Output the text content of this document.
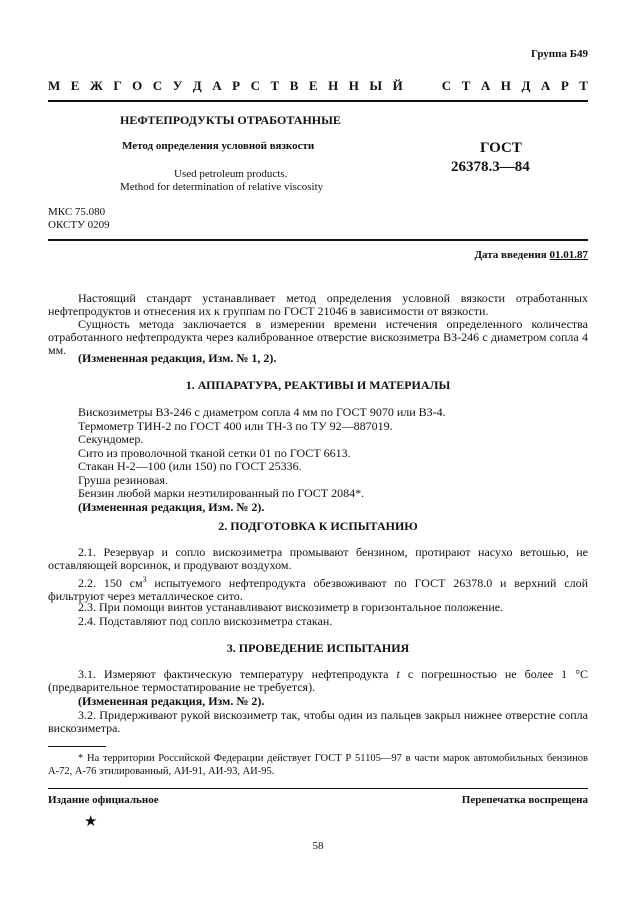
Группа Б49
М Е Ж Г О С У Д А Р С Т В Е Н Н Ы Й	С Т А Н Д А Р Т
НЕФТЕПРОДУКТЫ ОТРАБОТАННЫЕ
Метод определения условной вязкости
Used petroleum products.
Method for determination of relative viscosity
ГОСТ
26378.3—84
МКС 75.080
ОКСТУ 0209
Дата введения 01.01.87
Настоящий стандарт устанавливает метод определения условной вязкости отработанных нефтепродуктов и отнесения их к группам по ГОСТ 21046 в зависимости от вязкости.
Сущность метода заключается в измерении времени истечения определенного количества отработанного нефтепродукта через калиброванное отверстие вискозиметра ВЗ-246 с диаметром сопла 4 мм.
(Измененная редакция, Изм. № 1, 2).
1. АППАРАТУРА, РЕАКТИВЫ И МАТЕРИАЛЫ
Вискозиметры ВЗ-246 с диаметром сопла 4 мм по ГОСТ 9070 или ВЗ-4.
Термометр ТИН-2 по ГОСТ 400 или ТН-3 по ТУ 92—887019.
Секундомер.
Сито из проволочной тканой сетки 01 по ГОСТ 6613.
Стакан Н-2—100 (или 150) по ГОСТ 25336.
Груша резиновая.
Бензин любой марки неэтилированный по ГОСТ 2084*.
(Измененная редакция, Изм. № 2).
2. ПОДГОТОВКА К ИСПЫТАНИЮ
2.1. Резервуар и сопло вискозиметра промывают бензином, протирают насухо ветошью, не оставляющей ворсинок, и продувают воздухом.
2.2. 150 $см^3$ испытуемого нефтепродукта обезвоживают по ГОСТ 26378.0 и верхний слой фильтруют через металлическое сито.
2.3. При помощи винтов устанавливают вискозиметр в горизонтальное положение.
2.4. Подставляют под сопло вискозиметра стакан.
3. ПРОВЕДЕНИЕ ИСПЫТАНИЯ
3.1. Измеряют фактическую температуру нефтепродукта t с погрешностью не более 1 °С (предварительное термостатирование не требуется).
(Измененная редакция, Изм. № 2).
3.2. Придерживают рукой вискозиметр так, чтобы один из пальцев закрыл нижнее отверстие сопла вискозиметра.
* На территории Российской Федерации действует ГОСТ Р 51105—97 в части марок автомобильных бензинов А-72, А-76 этилированный, АИ-91, АИ-93, АИ-95.
Издание официальное	Перепечатка воспрещена
★
58
